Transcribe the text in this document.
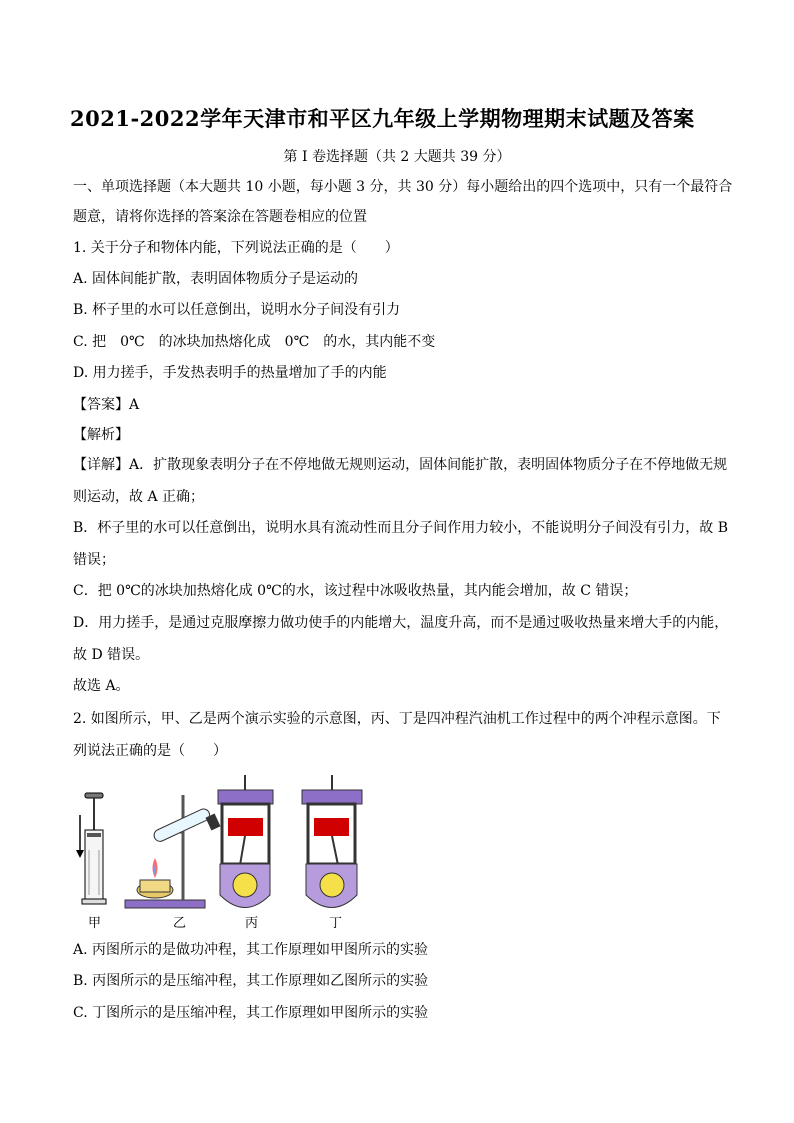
2021-2022学年天津市和平区九年级上学期物理期末试题及答案
第 Ⅰ 卷选择题（共 2 大题共 39 分）
一、单项选择题（本大题共 10 小题，每小题 3 分，共 30 分）每小题给出的四个选项中，只有一个最符合
题意，请将你选择的答案涂在答题卷相应的位置
1. 关于分子和物体内能，下列说法正确的是（　　）
A. 固体间能扩散，表明固体物质分子是运动的
B. 杯子里的水可以任意倒出，说明水分子间没有引力
C. 把　0℃　的冰块加热熔化成　0℃　的水，其内能不变
D. 用力搓手，手发热表明手的热量增加了手的内能
【答案】A
【解析】
【详解】A．扩散现象表明分子在不停地做无规则运动，固体间能扩散，表明固体物质分子在不停地做无规
则运动，故 A 正确；
B．杯子里的水可以任意倒出，说明水具有流动性而且分子间作用力较小，不能说明分子间没有引力，故 B
错误；
C．把 0℃的冰块加热熔化成 0℃的水，该过程中冰吸收热量，其内能会增加，故 C 错误；
D．用力搓手，是通过克服摩擦力做功使手的内能增大，温度升高，而不是通过吸收热量来增大手的内能，
故 D 错误。
故选 A。
2. 如图所示，甲、乙是两个演示实验的示意图，丙、丁是四冲程汽油机工作过程中的两个冲程示意图。下
列说法正确的是（　　）
甲	乙	丙	丁
A. 丙图所示的是做功冲程，其工作原理如甲图所示的实验
B. 丙图所示的是压缩冲程，其工作原理如乙图所示的实验
C. 丁图所示的是压缩冲程，其工作原理如甲图所示的实验
